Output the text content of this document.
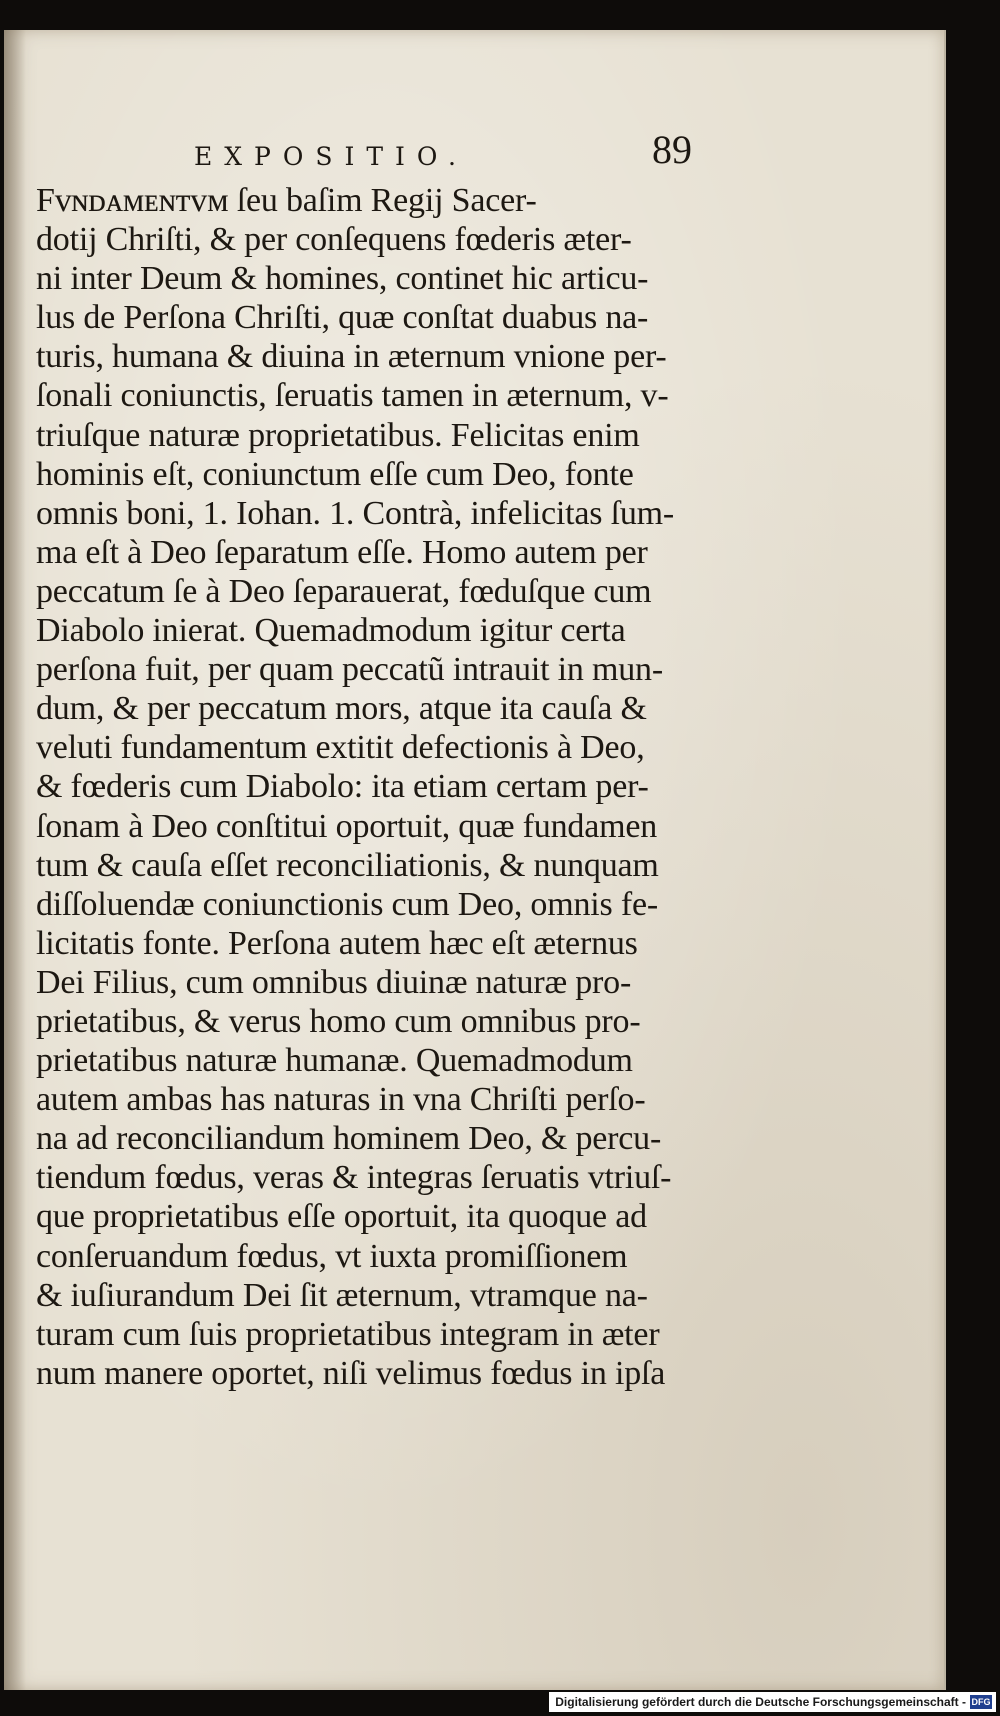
EXPOSITIO.	89
Fᴠɴᴅᴀᴍᴇɴᴛᴠᴍ ſeu baſim Regij Sacer-
dotij Chriſti, & per conſequens fœderis æter-
ni inter Deum & homines, continet hic articu-
lus de Perſona Chriſti, quæ conſtat duabus na-
turis, humana & diuina in æternum vnione per-
ſonali coniunctis, ſeruatis tamen in æternum, v-
triuſque naturæ proprietatibus. Felicitas enim
hominis eſt, coniunctum eſſe cum Deo, fonte
omnis boni, 1. Iohan. 1. Contrà, infelicitas ſum-
ma eſt à Deo ſeparatum eſſe. Homo autem per
peccatum ſe à Deo ſeparauerat, fœduſque cum
Diabolo inierat. Quemadmodum igitur certa
perſona fuit, per quam peccatũ intrauit in mun-
dum, & per peccatum mors, atque ita cauſa &
veluti fundamentum extitit defectionis à Deo,
& fœderis cum Diabolo: ita etiam certam per-
ſonam à Deo conſtitui oportuit, quæ fundamen
tum & cauſa eſſet reconciliationis, & nunquam
diſſoluendæ coniunctionis cum Deo, omnis fe-
licitatis fonte. Perſona autem hæc eſt æternus
Dei Filius, cum omnibus diuinæ naturæ pro-
prietatibus, & verus homo cum omnibus pro-
prietatibus naturæ humanæ. Quemadmodum
autem ambas has naturas in vna Chriſti perſo-
na ad reconciliandum hominem Deo, & percu-
tiendum fœdus, veras & integras ſeruatis vtriuſ-
que proprietatibus eſſe oportuit, ita quoque ad
conſeruandum fœdus, vt iuxta promiſſionem
& iuſiurandum Dei ſit æternum, vtramque na-
turam cum ſuis proprietatibus integram in æter
num manere oportet, niſi velimus fœdus in ipſa
Digitalisierung gefördert durch die Deutsche Forschungsgemeinschaft - DFG
